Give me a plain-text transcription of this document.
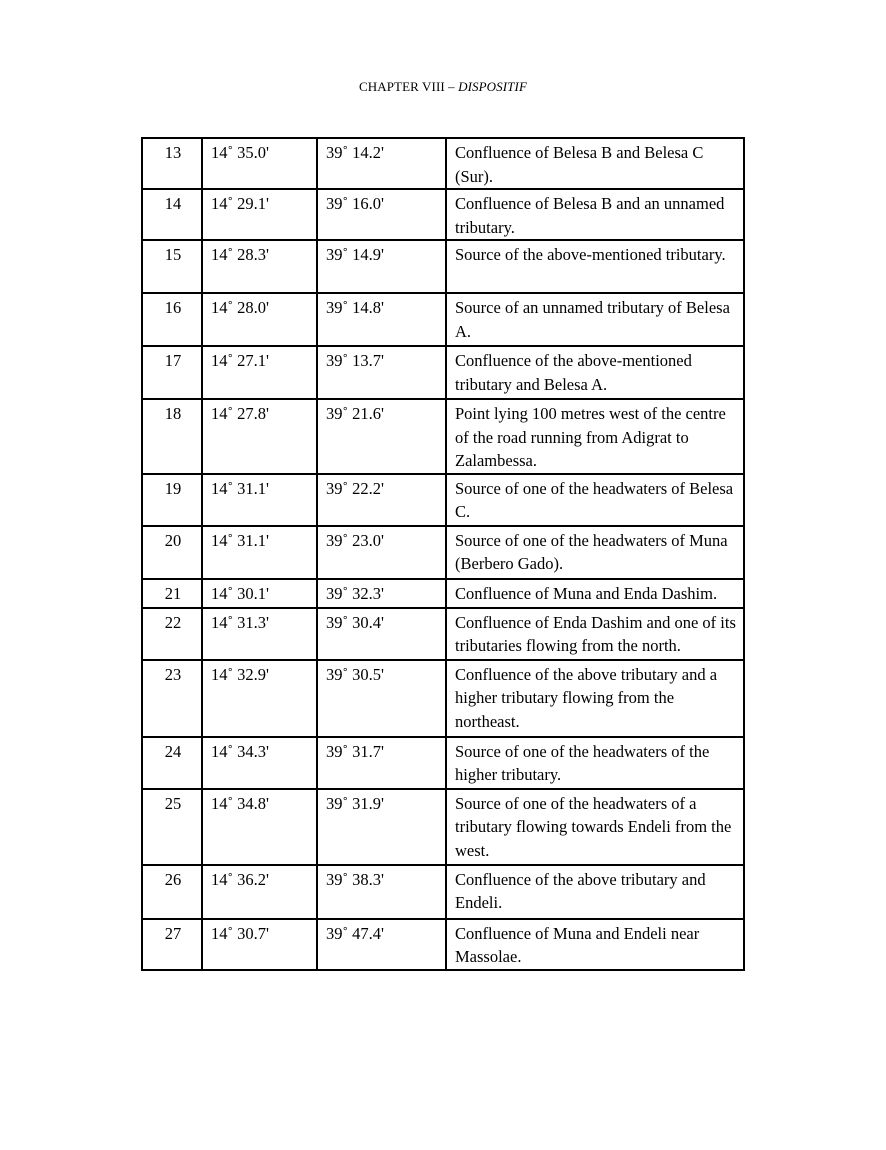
CHAPTER VIII – DISPOSITIF
13	14˚ 35.0'	39˚ 14.2'	Confluence of Belesa B and Belesa C (Sur).
14	14˚ 29.1'	39˚ 16.0'	Confluence of Belesa B and an unnamed tributary.
15	14˚ 28.3'	39˚ 14.9'	Source of the above-mentioned tributary.
16	14˚ 28.0'	39˚ 14.8'	Source of an unnamed tributary of Belesa A.
17	14˚ 27.1'	39˚ 13.7'	Confluence of the above-mentioned tributary and Belesa A.
18	14˚ 27.8'	39˚ 21.6'	Point lying 100 metres west of the centre of the road running from Adigrat to Zalambessa.
19	14˚ 31.1'	39˚ 22.2'	Source of one of the headwaters of Belesa C.
20	14˚ 31.1'	39˚ 23.0'	Source of one of the headwaters of Muna (Berbero Gado).
21	14˚ 30.1'	39˚ 32.3'	Confluence of Muna and Enda Dashim.
22	14˚ 31.3'	39˚ 30.4'	Confluence of Enda Dashim and one of its tributaries flowing from the north.
23	14˚ 32.9'	39˚ 30.5'	Confluence of the above tributary and a higher tributary flowing from the northeast.
24	14˚ 34.3'	39˚ 31.7'	Source of one of the headwaters of the higher tributary.
25	14˚ 34.8'	39˚ 31.9'	Source of one of the headwaters of a tributary flowing towards Endeli from the west.
26	14˚ 36.2'	39˚ 38.3'	Confluence of the above tributary and Endeli.
27	14˚ 30.7'	39˚ 47.4'	Confluence of Muna and Endeli near Massolae.
